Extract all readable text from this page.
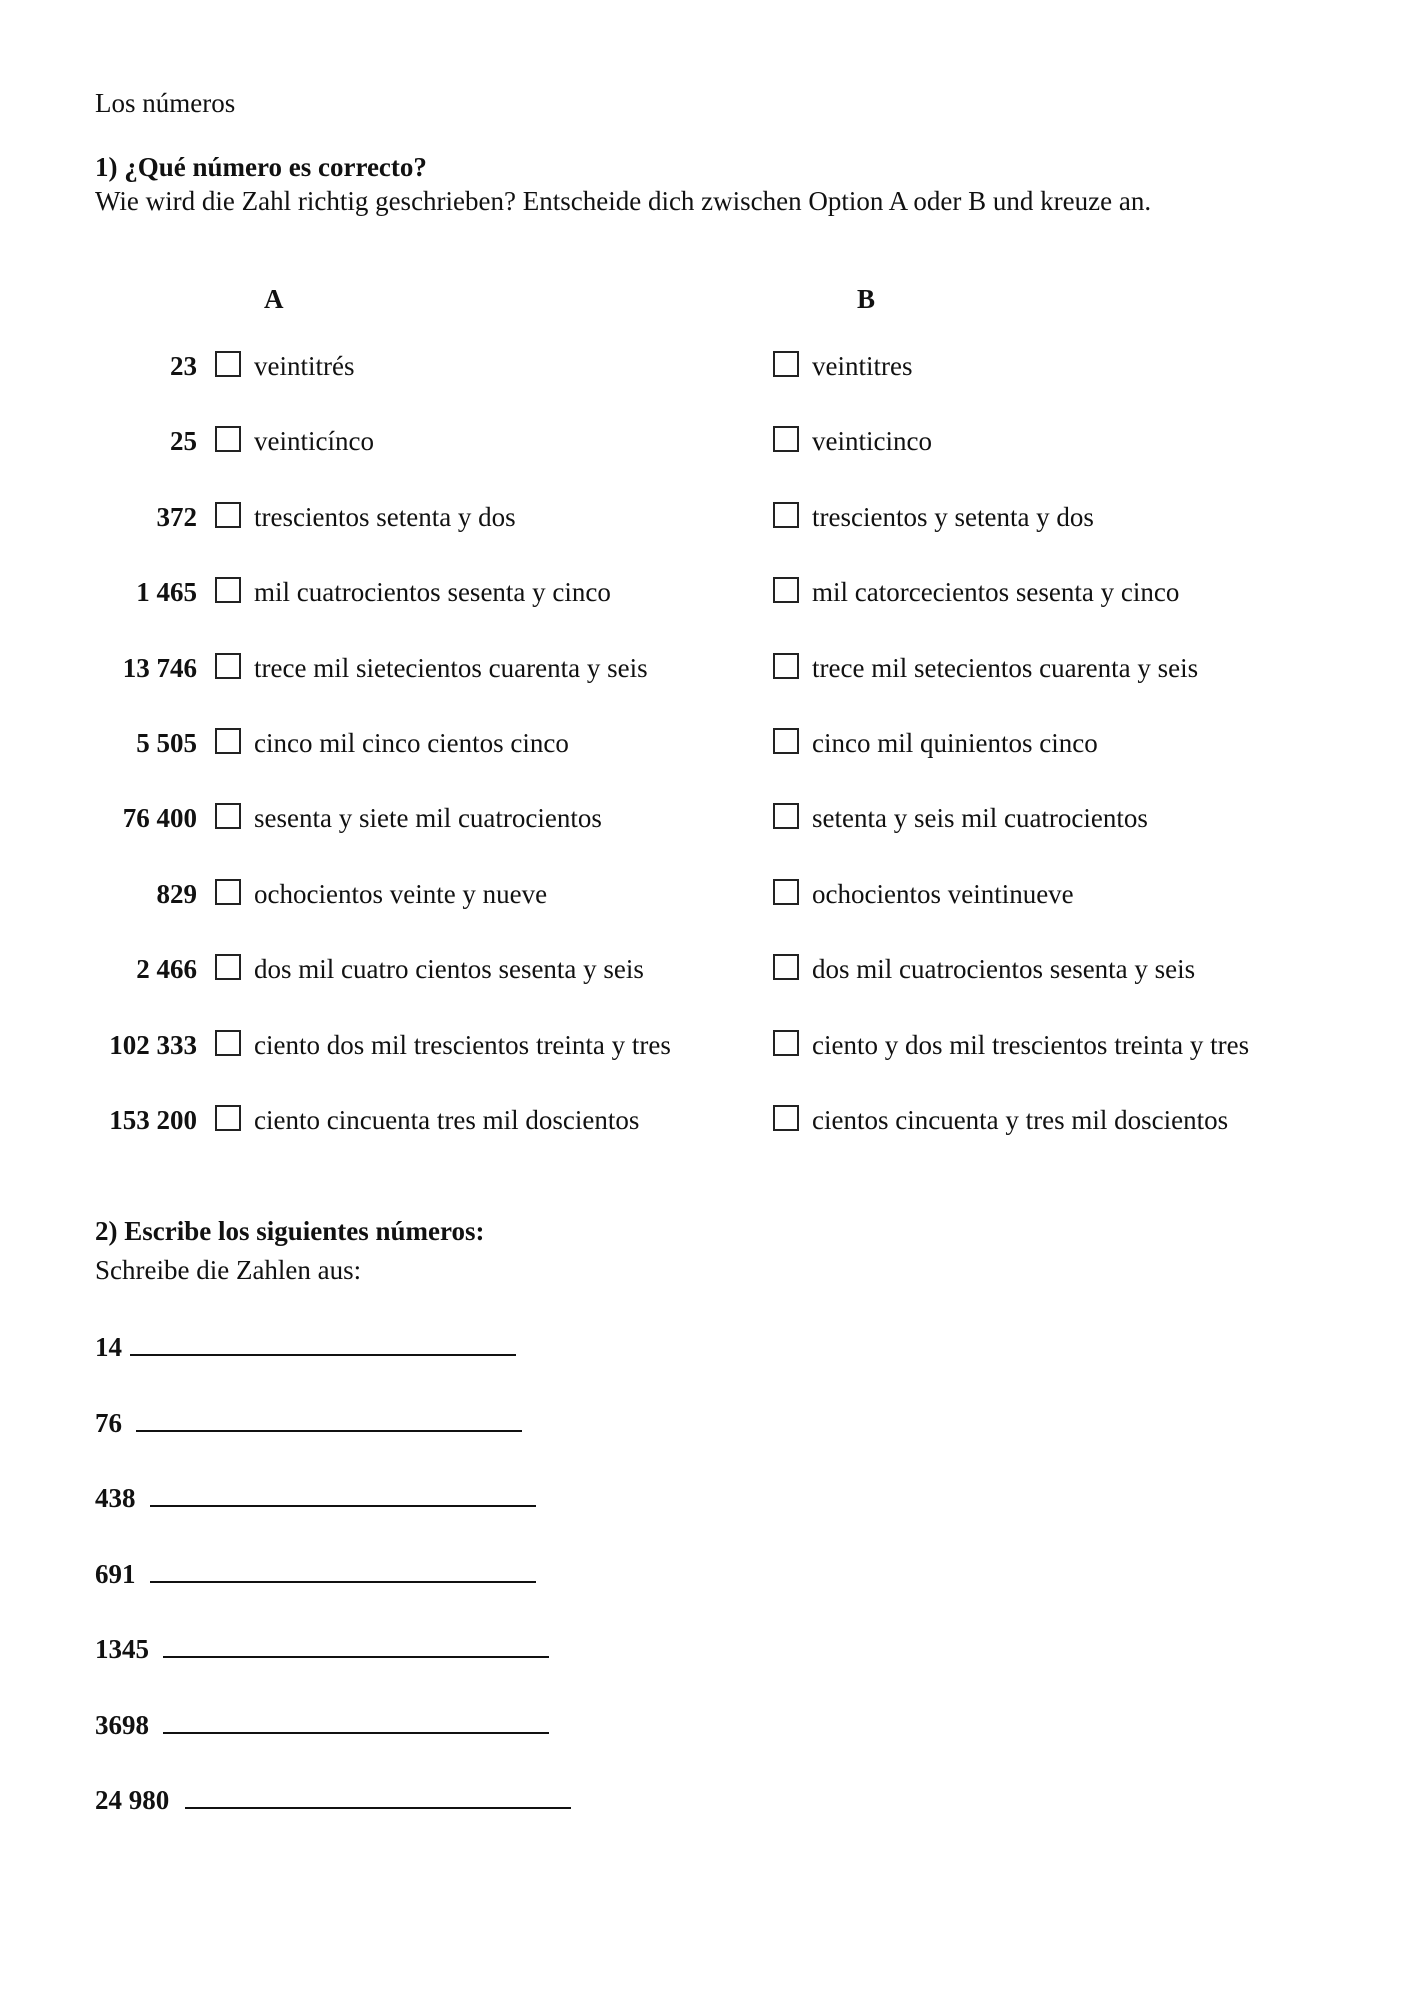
Los números
1) ¿Qué número es correcto?
Wie wird die Zahl richtig geschrieben? Entscheide dich zwischen Option A oder B und kreuze an.
A	B
23 veintitrés	veintitres
25 veinticínco	veinticinco
372 trescientos setenta y dos	trescientos y setenta y dos
1 465 mil cuatrocientos sesenta y cinco	mil catorcecientos sesenta y cinco
13 746 trece mil sietecientos cuarenta y seis	trece mil setecientos cuarenta y seis
5 505 cinco mil cinco cientos cinco	cinco mil quinientos cinco
76 400 sesenta y siete mil cuatrocientos	setenta y seis mil cuatrocientos
829 ochocientos veinte y nueve	ochocientos veintinueve
2 466 dos mil cuatro cientos sesenta y seis	dos mil cuatrocientos sesenta y seis
102 333 ciento dos mil trescientos treinta y tres	ciento y dos mil trescientos treinta y tres
153 200 ciento cincuenta tres mil doscientos	cientos cincuenta y tres mil doscientos
2) Escribe los siguientes números:
Schreibe die Zahlen aus:
14
76
438
691
1345
3698
24 980
